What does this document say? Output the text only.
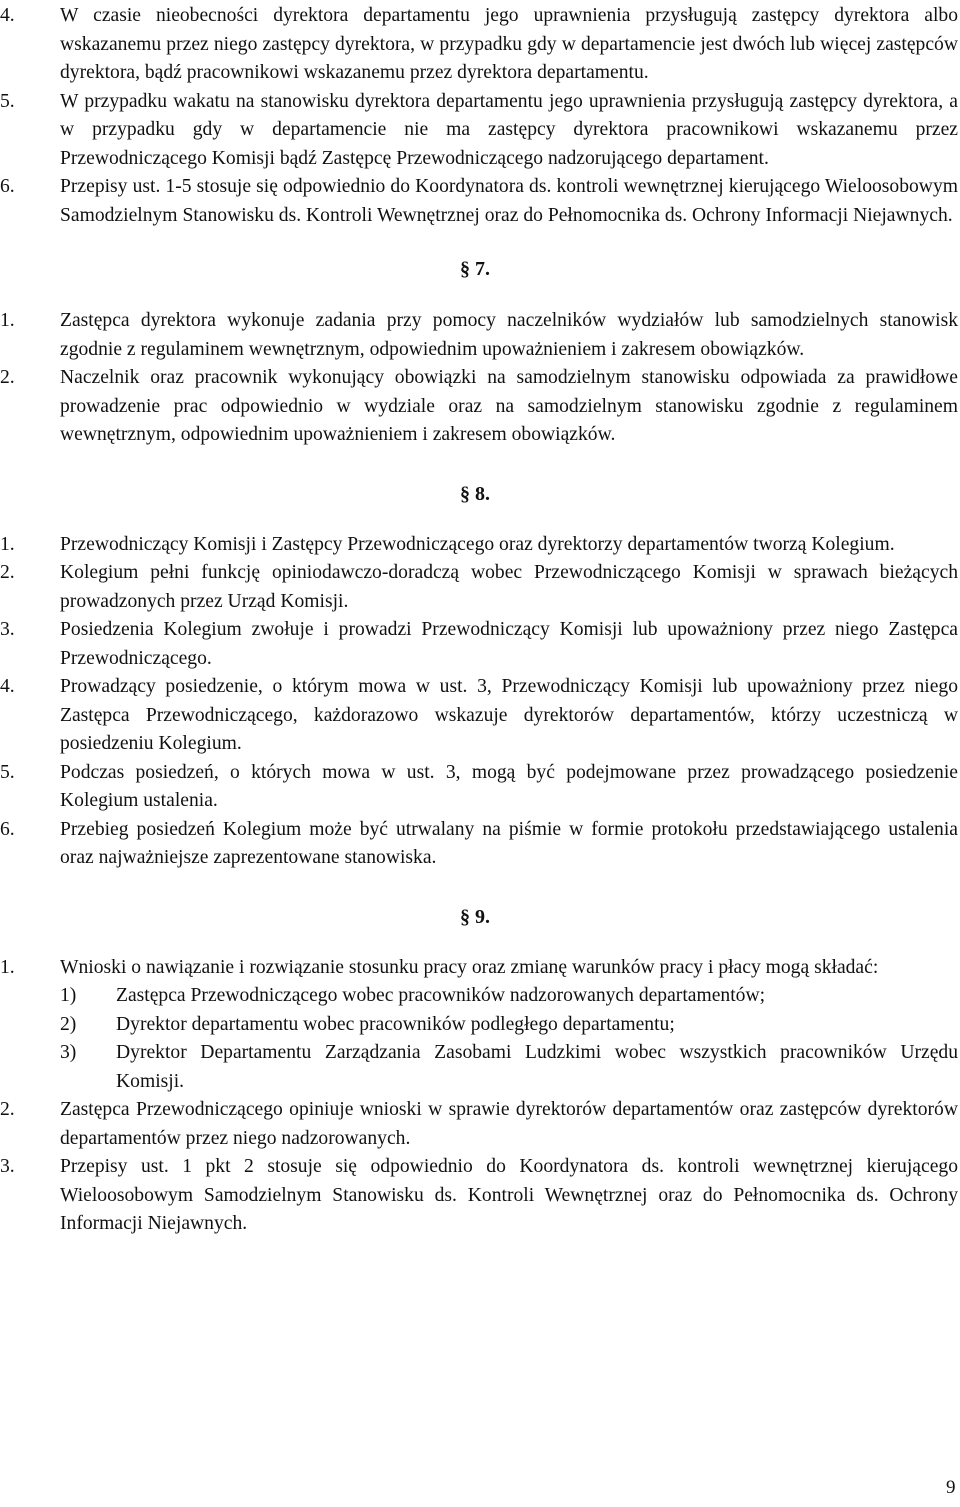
4.	W czasie nieobecności dyrektora departamentu jego uprawnienia przysługują zastępcy dyrektora albo wskazanemu przez niego zastępcy dyrektora, w przypadku gdy w departamencie jest dwóch lub więcej zastępców dyrektora, bądź pracownikowi wskazanemu przez dyrektora departamentu.
5.	W przypadku wakatu na stanowisku dyrektora departamentu jego uprawnienia przysługują zastępcy dyrektora, a w przypadku gdy w departamencie nie ma zastępcy dyrektora pracownikowi wskazanemu przez Przewodniczącego Komisji bądź Zastępcę Przewodniczącego nadzorującego departament.
6.	Przepisy ust. 1-5 stosuje się odpowiednio do Koordynatora ds. kontroli wewnętrznej kierującego Wieloosobowym Samodzielnym Stanowisku ds. Kontroli Wewnętrznej oraz do Pełnomocnika ds. Ochrony Informacji Niejawnych.
§ 7.
1.	Zastępca dyrektora wykonuje zadania przy pomocy naczelników wydziałów lub samodzielnych stanowisk zgodnie z regulaminem wewnętrznym, odpowiednim upoważnieniem i zakresem obowiązków.
2.	Naczelnik oraz pracownik wykonujący obowiązki na samodzielnym stanowisku odpowiada za prawidłowe prowadzenie prac odpowiednio w wydziale oraz na samodzielnym stanowisku zgodnie z regulaminem wewnętrznym, odpowiednim upoważnieniem i zakresem obowiązków.
§ 8.
1.	Przewodniczący Komisji i Zastępcy Przewodniczącego oraz dyrektorzy departamentów tworzą Kolegium.
2.	Kolegium pełni funkcję opiniodawczo-doradczą wobec Przewodniczącego Komisji w sprawach bieżących prowadzonych przez Urząd Komisji.
3.	Posiedzenia Kolegium zwołuje i prowadzi Przewodniczący Komisji lub upoważniony przez niego Zastępca Przewodniczącego.
4.	Prowadzący posiedzenie, o którym mowa w ust. 3, Przewodniczący Komisji lub upoważniony przez niego Zastępca Przewodniczącego, każdorazowo wskazuje dyrektorów departamentów, którzy uczestniczą w posiedzeniu Kolegium.
5.	Podczas posiedzeń, o których mowa w ust. 3, mogą być podejmowane przez prowadzącego posiedzenie Kolegium ustalenia.
6.	Przebieg posiedzeń Kolegium może być utrwalany na piśmie w formie protokołu przedstawiającego ustalenia oraz najważniejsze zaprezentowane stanowiska.
§ 9.
1.	Wnioski o nawiązanie i rozwiązanie stosunku pracy oraz zmianę warunków pracy i płacy mogą składać:
1)	Zastępca Przewodniczącego wobec pracowników nadzorowanych departamentów;
2)	Dyrektor departamentu wobec pracowników podległego departamentu;
3)	Dyrektor Departamentu Zarządzania Zasobami Ludzkimi wobec wszystkich pracowników Urzędu Komisji.
2.	Zastępca Przewodniczącego opiniuje wnioski w sprawie dyrektorów departamentów oraz zastępców dyrektorów departamentów przez niego nadzorowanych.
3.	Przepisy ust. 1 pkt 2 stosuje się odpowiednio do Koordynatora ds. kontroli wewnętrznej kierującego Wieloosobowym Samodzielnym Stanowisku ds. Kontroli Wewnętrznej oraz do Pełnomocnika ds. Ochrony Informacji Niejawnych.
9
